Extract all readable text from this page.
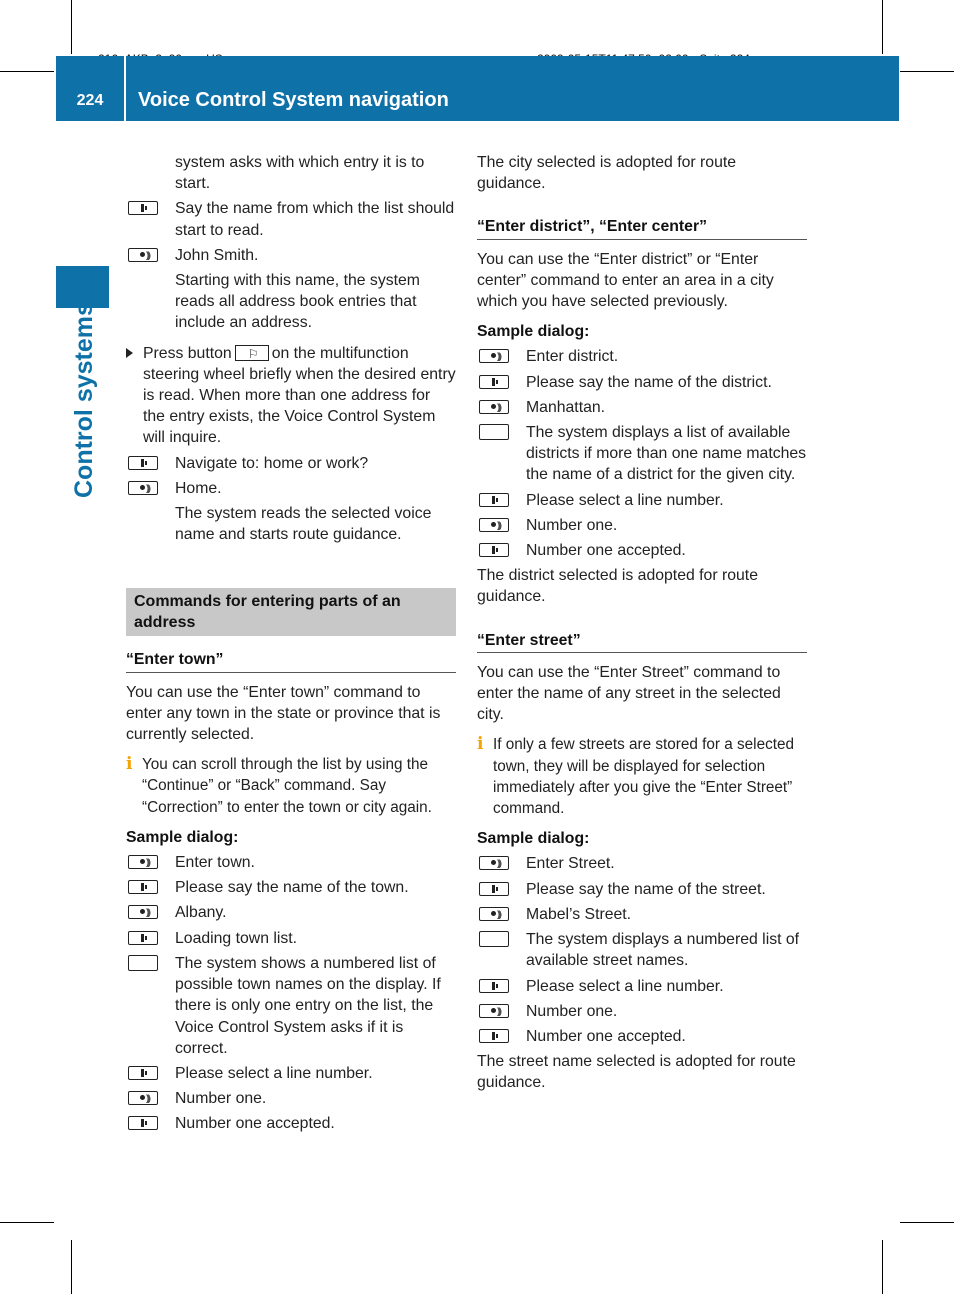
224	Voice Control System navigation
Control systems
system asks with which entry it is to start.
Say the name from which the list should start to read.
)))
John Smith.
Starting with this name, the system reads all address book entries that include an address.
Press button⚐	on the multifunction steering wheel briefly when the desired entry is read. When more than one address for the entry exists, the Voice Control System will inquire.
Navigate to: home or work?
)))
Home.
The system reads the selected voice name and starts route guidance.
Commands for entering parts of an address
“Enter town”
You can use the “Enter town” command to enter any town in the state or province that is currently selected.
i You can scroll through the list by using the “Continue” or “Back” command. Say “Correction” to enter the town or city again.
Sample dialog:
)))
Enter town.
Please say the name of the town.
)))
Albany.
Loading town list.
The system shows a numbered list of possible town names on the display. If there is only one entry on the list, the Voice Control System asks if it is correct.
Please select a line number.
)))
Number one.
Number one accepted.
The city selected is adopted for route guidance.
“Enter district”, “Enter center”
You can use the “Enter district” or “Enter center” command to enter an area in a city which you have selected previously.
Sample dialog:
)))
Enter district.
Please say the name of the district.
)))
Manhattan.
The system displays a list of available districts if more than one name matches the name of a district for the given city.
Please select a line number.
)))
Number one.
Number one accepted.
The district selected is adopted for route guidance.
“Enter street”
You can use the “Enter Street” command to enter the name of any street in the selected city.
i If only a few streets are stored for a selected town, they will be displayed for selection immediately after you give the “Enter Street” command.
Sample dialog:
)))
Enter Street.
Please say the name of the street.
)))
Mabel’s Street.
The system displays a numbered list of available street names.
Please select a line number.
)))
Number one.
Number one accepted.
The street name selected is adopted for route guidance.
